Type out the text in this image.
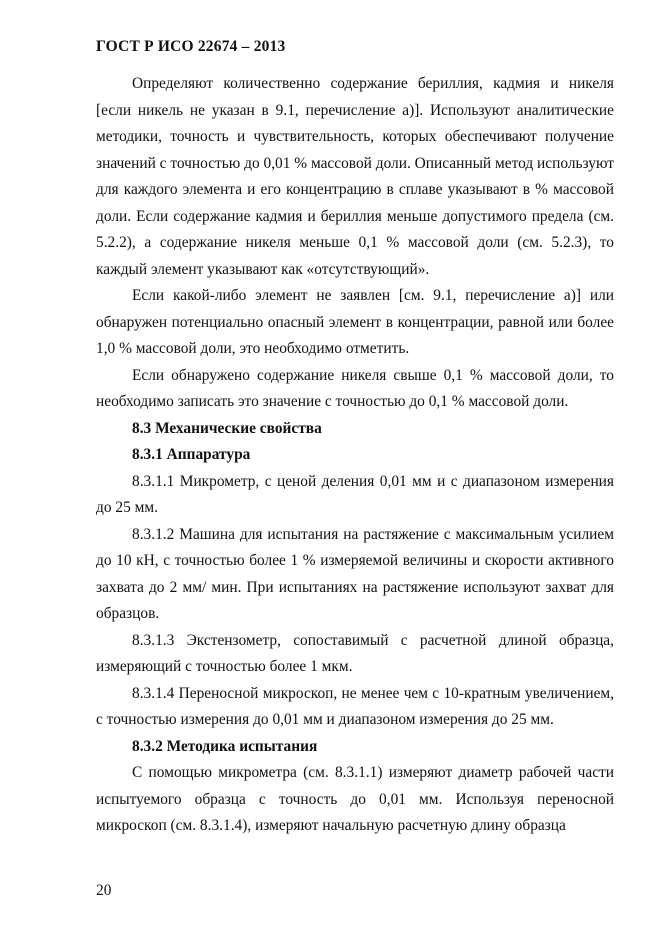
ГОСТ Р ИСО 22674 – 2013

Определяют количественно содержание бериллия, кадмия и никеля [если никель не указан в 9.1, перечисление а)]. Используют аналитические методики, точность и чувствительность, которых обеспечивают получение значений с точностью до 0,01 % массовой доли. Описанный метод используют для каждого элемента и его концентрацию в сплаве указывают в % массовой доли. Если содержание кадмия и бериллия меньше допустимого предела (см. 5.2.2), а содержание никеля меньше 0,1 % массовой доли (см. 5.2.3), то каждый элемент указывают как «отсутствующий».

Если какой-либо элемент не заявлен [см. 9.1, перечисление а)] или обнаружен потенциально опасный элемент в концентрации, равной или более 1,0 % массовой доли, это необходимо отметить.

Если обнаружено содержание никеля свыше 0,1 % массовой доли, то необходимо записать это значение с точностью до 0,1 % массовой доли.

8.3 Механические свойства

8.3.1 Аппаратура

8.3.1.1 Микрометр, с ценой деления 0,01 мм и с диапазоном измерения до 25 мм.

8.3.1.2 Машина для испытания на растяжение с максимальным усилием до 10 кН, с точностью более 1 % измеряемой величины и скорости активного захвата до 2 мм/ мин. При испытаниях на растяжение используют захват для образцов.

8.3.1.3 Экстензометр, сопоставимый с расчетной длиной образца, измеряющий с точностью более 1 мкм.

8.3.1.4 Переносной микроскоп, не менее чем с 10-кратным увеличением, с точностью измерения до 0,01 мм и диапазоном измерения до 25 мм.

8.3.2 Методика испытания

С помощью микрометра (см. 8.3.1.1) измеряют диаметр рабочей части испытуемого образца с точность до 0,01 мм. Используя переносной микроскоп (см. 8.3.1.4), измеряют начальную расчетную длину образца

20
